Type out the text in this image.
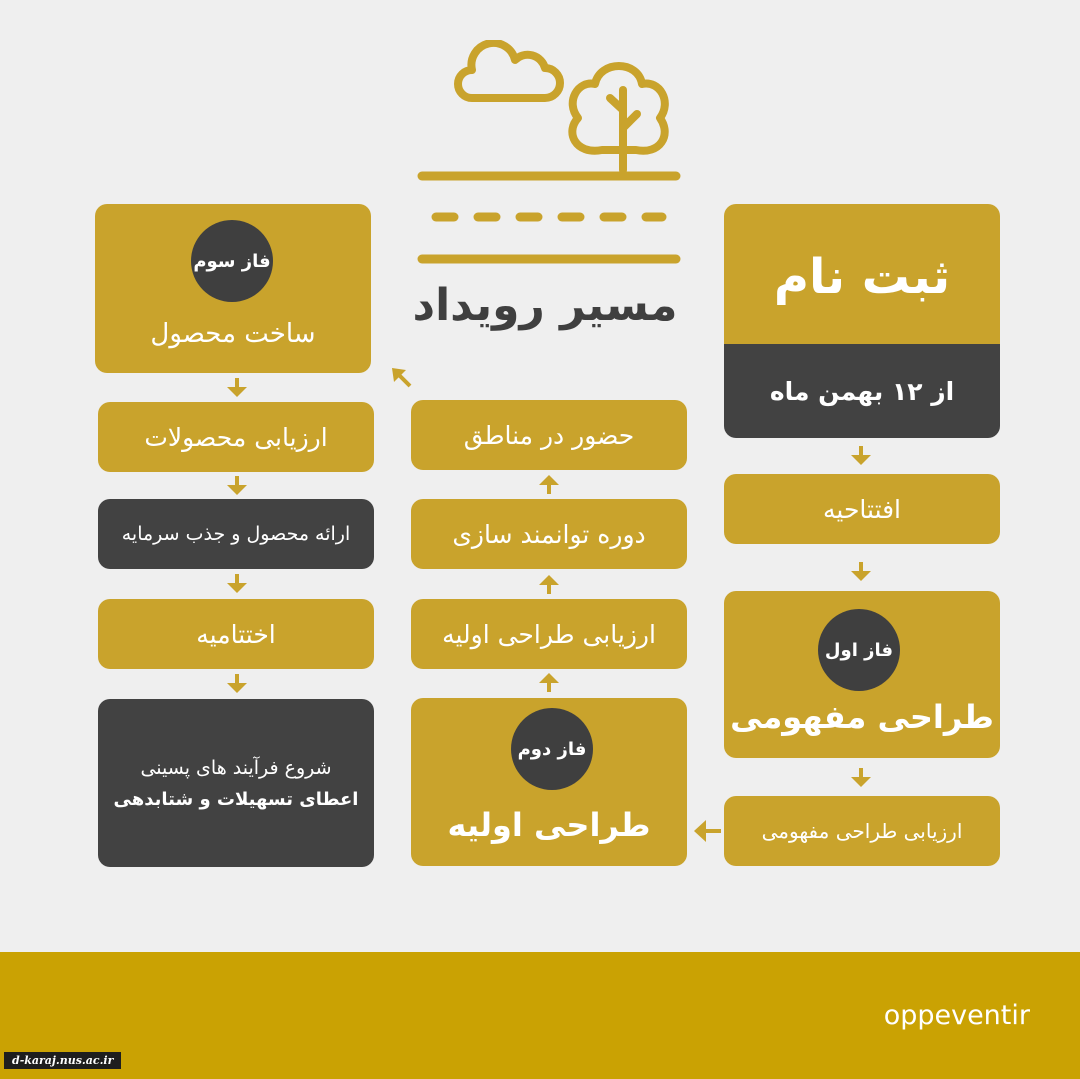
مسیر رویداد
ثبت نام
از ۱۲ بهمن ماه
افتتاحیه
طراحی مفهومی
فاز اول
ارزیابی طراحی مفهومی
طراحی اولیه
فاز دوم
ارزیابی طراحی اولیه
دوره توانمند سازی
حضور در مناطق
ساخت محصول
فاز سوم
ارزیابی محصولات
ارائه محصول و جذب سرمایه
اختتامیه
شروع فرآیند های پسینی
اعطای تسهیلات و شتابدهی
oppeventir
d-karaj.nus.ac.ir
